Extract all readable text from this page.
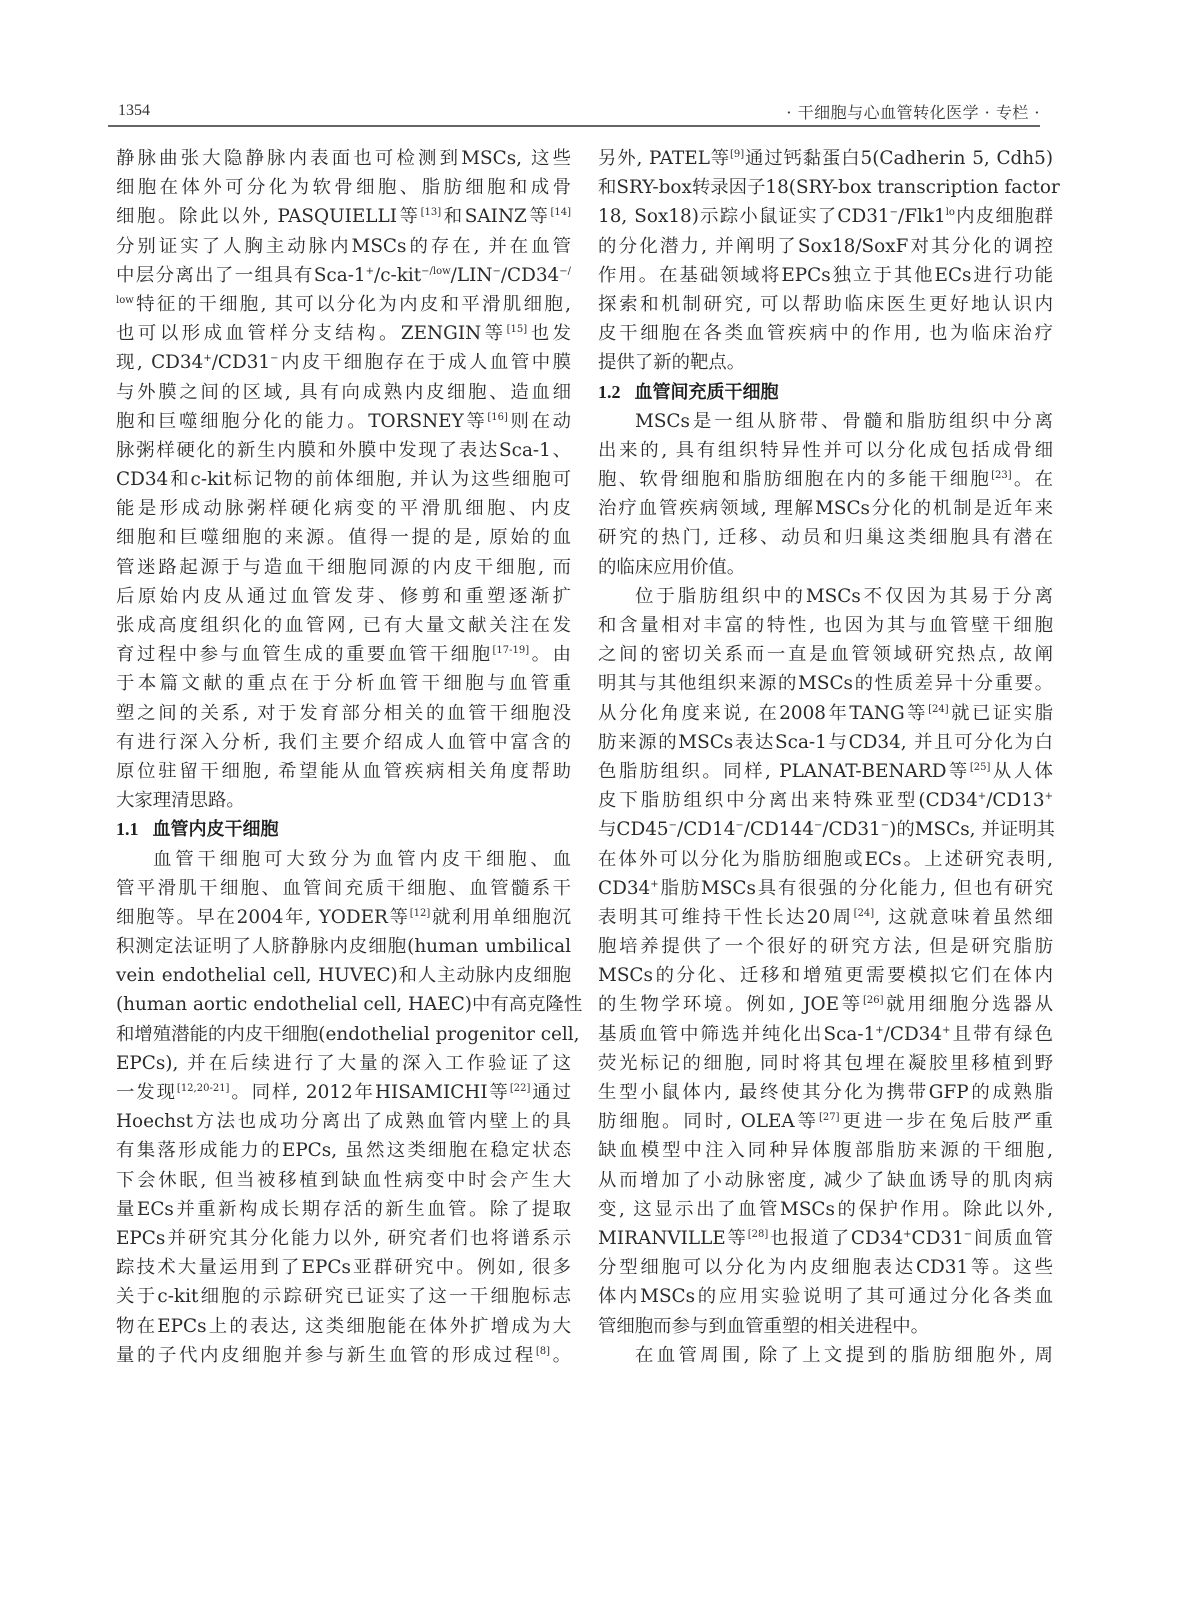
1354	· 干细胞与心血管转化医学 · 专栏 ·
静脉曲张大隐静脉内表面也可检测到MSCs, 这些
细胞在体外可分化为软骨细胞、脂肪细胞和成骨
细胞。除此以外, PASQUIELLI等[13]和SAINZ等[14]
分别证实了人胸主动脉内MSCs的存在, 并在血管
中层分离出了一组具有Sca-1+/c-kit$^{-/low}$/LIN−/CD34−/
$^{low}$特征的干细胞, 其可以分化为内皮和平滑肌细胞,
也可以形成血管样分支结构。ZENGIN等[15]也发
现, CD34+/CD31−内皮干细胞存在于成人血管中膜
与外膜之间的区域, 具有向成熟内皮细胞、造血细
胞和巨噬细胞分化的能力。TORSNEY等[16]则在动
脉粥样硬化的新生内膜和外膜中发现了表达Sca-1、
CD34和c-kit标记物的前体细胞, 并认为这些细胞可
能是形成动脉粥样硬化病变的平滑肌细胞、内皮
细胞和巨噬细胞的来源。值得一提的是, 原始的血
管迷路起源于与造血干细胞同源的内皮干细胞, 而
后原始内皮从通过血管发芽、修剪和重塑逐渐扩
张成高度组织化的血管网, 已有大量文献关注在发
育过程中参与血管生成的重要血管干细胞[17-19]。由
于本篇文献的重点在于分析血管干细胞与血管重
塑之间的关系, 对于发育部分相关的血管干细胞没
有进行深入分析, 我们主要介绍成人血管中富含的
原位驻留干细胞, 希望能从血管疾病相关角度帮助
大家理清思路。
1.1 血管内皮干细胞
血管干细胞可大致分为血管内皮干细胞、血
管平滑肌干细胞、血管间充质干细胞、血管髓系干
细胞等。早在2004年, YODER等[12]就利用单细胞沉
积测定法证明了人脐静脉内皮细胞(human umbilical
vein endothelial cell, HUVEC)和人主动脉内皮细胞
(human aortic endothelial cell, HAEC)中有高克隆性
和增殖潜能的内皮干细胞(endothelial progenitor cell,
EPCs), 并在后续进行了大量的深入工作验证了这
一发现[12,20-21]。同样, 2012年HISAMICHI等[22]通过
Hoechst方法也成功分离出了成熟血管内壁上的具
有集落形成能力的EPCs, 虽然这类细胞在稳定状态
下会休眠, 但当被移植到缺血性病变中时会产生大
量ECs并重新构成长期存活的新生血管。除了提取
EPCs并研究其分化能力以外, 研究者们也将谱系示
踪技术大量运用到了EPCs亚群研究中。例如, 很多
关于c-kit细胞的示踪研究已证实了这一干细胞标志
物在EPCs上的表达, 这类细胞能在体外扩增成为大
量的子代内皮细胞并参与新生血管的形成过程[8]。
另外, PATEL等[9]通过钙黏蛋白5(Cadherin 5, Cdh5)
和SRY-box转录因子18(SRY-box transcription factor
18, Sox18)示踪小鼠证实了$CD31^-/Flk1^{lo}$内皮细胞群
的分化潜力, 并阐明了Sox18/SoxF对其分化的调控
作用。在基础领域将EPCs独立于其他ECs进行功能
探索和机制研究, 可以帮助临床医生更好地认识内
皮干细胞在各类血管疾病中的作用, 也为临床治疗
提供了新的靶点。
1.2 血管间充质干细胞
MSCs是一组从脐带、骨髓和脂肪组织中分离
出来的, 具有组织特异性并可以分化成包括成骨细
胞、软骨细胞和脂肪细胞在内的多能干细胞[23]。在
治疗血管疾病领域, 理解MSCs分化的机制是近年来
研究的热门, 迁移、动员和归巢这类细胞具有潜在
的临床应用价值。
位于脂肪组织中的MSCs不仅因为其易于分离
和含量相对丰富的特性, 也因为其与血管壁干细胞
之间的密切关系而一直是血管领域研究热点, 故阐
明其与其他组织来源的MSCs的性质差异十分重要。
从分化角度来说, 在2008年TANG等[24]就已证实脂
肪来源的MSCs表达Sca-1与CD34, 并且可分化为白
色脂肪组织。同样, PLANAT-BENARD等[25]从人体
皮下脂肪组织中分离出来特殊亚型(CD34+/CD13+
与CD45−/CD14−/CD144−/CD31−)的MSCs, 并证明其
在体外可以分化为脂肪细胞或ECs。上述研究表明,
CD34+脂肪MSCs具有很强的分化能力, 但也有研究
表明其可维持干性长达20周[24], 这就意味着虽然细
胞培养提供了一个很好的研究方法, 但是研究脂肪
MSCs的分化、迁移和增殖更需要模拟它们在体内
的生物学环境。例如, JOE等[26]就用细胞分选器从
基质血管中筛选并纯化出Sca-1+/CD34+且带有绿色
荧光标记的细胞, 同时将其包埋在凝胶里移植到野
生型小鼠体内, 最终使其分化为携带GFP的成熟脂
肪细胞。同时, OLEA等[27]更进一步在兔后肢严重
缺血模型中注入同种异体腹部脂肪来源的干细胞,
从而增加了小动脉密度, 减少了缺血诱导的肌肉病
变, 这显示出了血管MSCs的保护作用。除此以外,
MIRANVILLE等[28]也报道了CD34+CD31−间质血管
分型细胞可以分化为内皮细胞表达CD31等。这些
体内MSCs的应用实验说明了其可通过分化各类血
管细胞而参与到血管重塑的相关进程中。
在血管周围, 除了上文提到的脂肪细胞外, 周
